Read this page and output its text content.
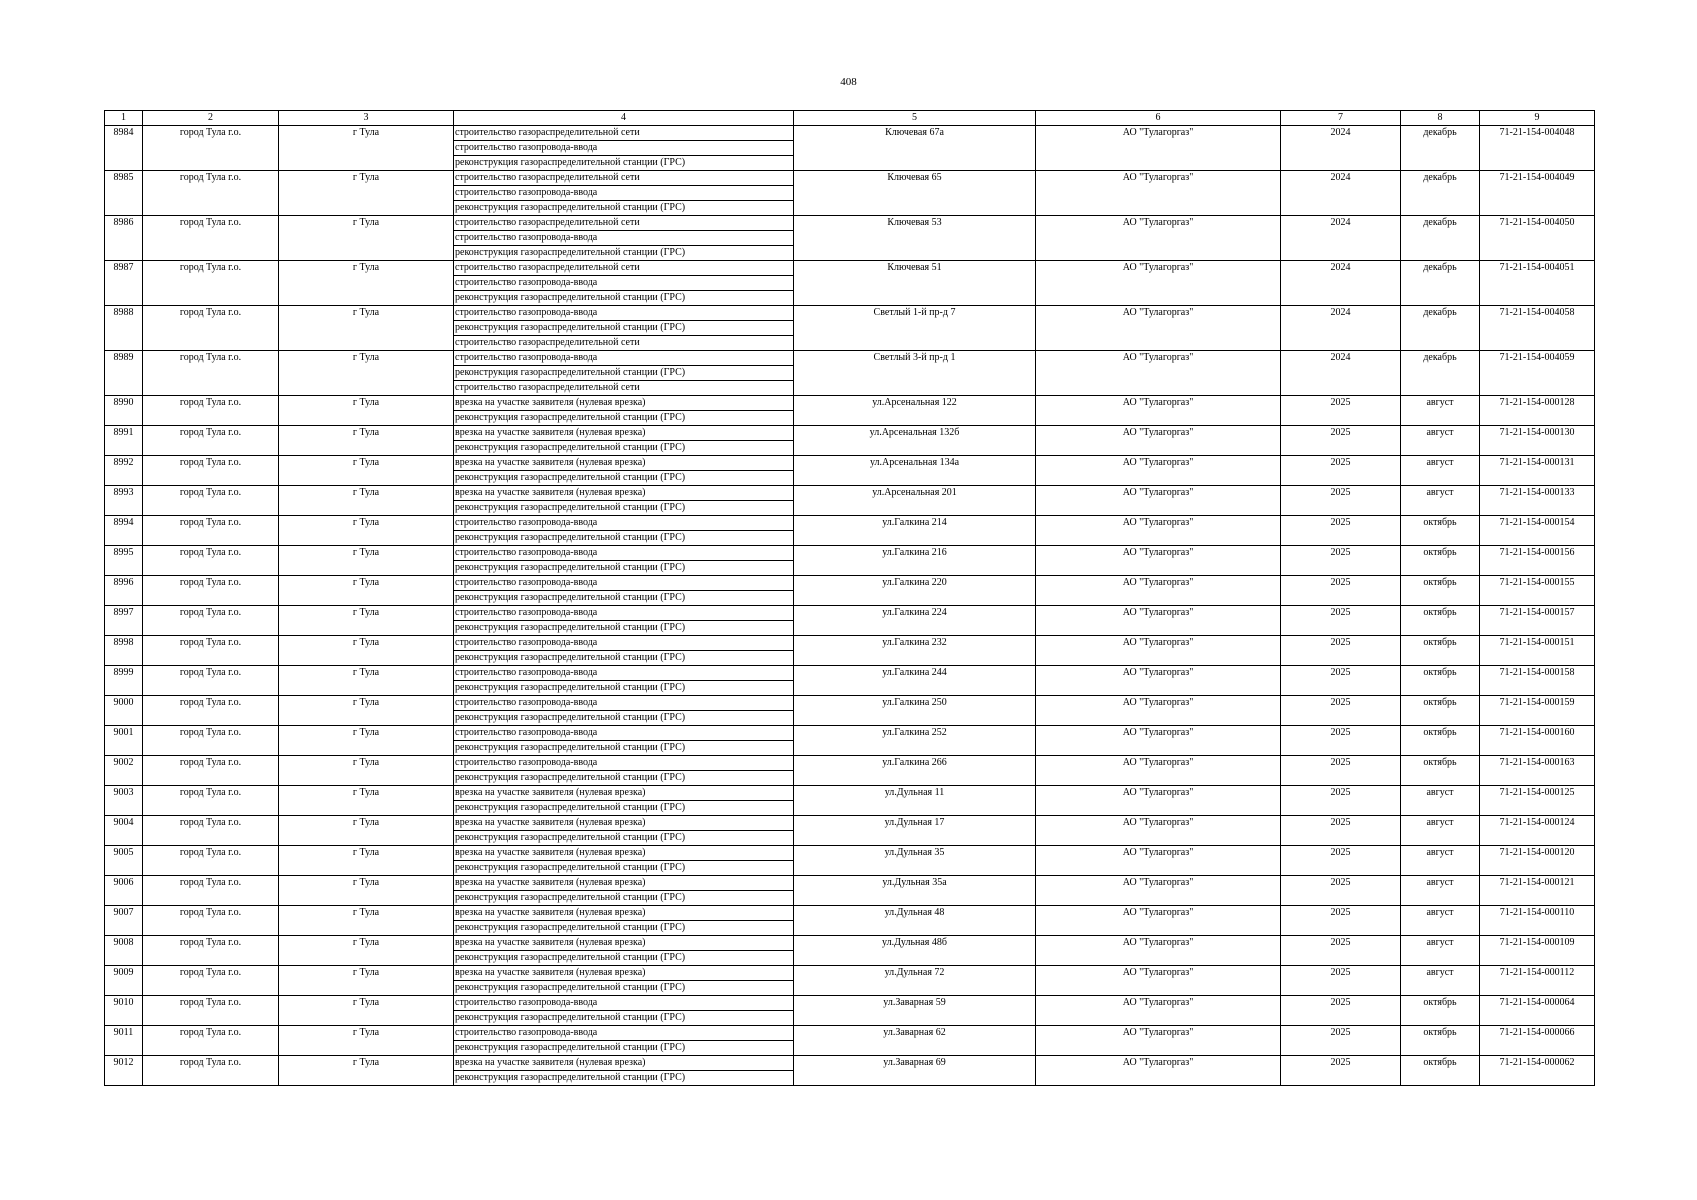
408
1	2	3	4	5	6	7	8	9
8984	город Тула г.о.	г Тула	строительство газораспределительной сети
строительство газопровода-ввода
реконструкция газораспределительной станции (ГРС)	Ключевая 67а	АО "Тулагоргаз"	2024	декабрь	71-21-154-004048
8985	город Тула г.о.	г Тула	строительство газораспределительной сети
строительство газопровода-ввода
реконструкция газораспределительной станции (ГРС)	Ключевая 65	АО "Тулагоргаз"	2024	декабрь	71-21-154-004049
8986	город Тула г.о.	г Тула	строительство газораспределительной сети
строительство газопровода-ввода
реконструкция газораспределительной станции (ГРС)	Ключевая 53	АО "Тулагоргаз"	2024	декабрь	71-21-154-004050
8987	город Тула г.о.	г Тула	строительство газораспределительной сети
строительство газопровода-ввода
реконструкция газораспределительной станции (ГРС)	Ключевая 51	АО "Тулагоргаз"	2024	декабрь	71-21-154-004051
8988	город Тула г.о.	г Тула	строительство газопровода-ввода
реконструкция газораспределительной станции (ГРС)
строительство газораспределительной сети	Светлый 1-й пр-д 7	АО "Тулагоргаз"	2024	декабрь	71-21-154-004058
8989	город Тула г.о.	г Тула	строительство газопровода-ввода
реконструкция газораспределительной станции (ГРС)
строительство газораспределительной сети	Светлый 3-й пр-д 1	АО "Тулагоргаз"	2024	декабрь	71-21-154-004059
8990	город Тула г.о.	г Тула	врезка на участке заявителя (нулевая врезка)
реконструкция газораспределительной станции (ГРС)	ул.Арсенальная 122	АО "Тулагоргаз"	2025	август	71-21-154-000128
8991	город Тула г.о.	г Тула	врезка на участке заявителя (нулевая врезка)
реконструкция газораспределительной станции (ГРС)	ул.Арсенальная 132б	АО "Тулагоргаз"	2025	август	71-21-154-000130
8992	город Тула г.о.	г Тула	врезка на участке заявителя (нулевая врезка)
реконструкция газораспределительной станции (ГРС)	ул.Арсенальная 134а	АО "Тулагоргаз"	2025	август	71-21-154-000131
8993	город Тула г.о.	г Тула	врезка на участке заявителя (нулевая врезка)
реконструкция газораспределительной станции (ГРС)	ул.Арсенальная 201	АО "Тулагоргаз"	2025	август	71-21-154-000133
8994	город Тула г.о.	г Тула	строительство газопровода-ввода
реконструкция газораспределительной станции (ГРС)	ул.Галкина 214	АО "Тулагоргаз"	2025	октябрь	71-21-154-000154
8995	город Тула г.о.	г Тула	строительство газопровода-ввода
реконструкция газораспределительной станции (ГРС)	ул.Галкина 216	АО "Тулагоргаз"	2025	октябрь	71-21-154-000156
8996	город Тула г.о.	г Тула	строительство газопровода-ввода
реконструкция газораспределительной станции (ГРС)	ул.Галкина 220	АО "Тулагоргаз"	2025	октябрь	71-21-154-000155
8997	город Тула г.о.	г Тула	строительство газопровода-ввода
реконструкция газораспределительной станции (ГРС)	ул.Галкина 224	АО "Тулагоргаз"	2025	октябрь	71-21-154-000157
8998	город Тула г.о.	г Тула	строительство газопровода-ввода
реконструкция газораспределительной станции (ГРС)	ул.Галкина 232	АО "Тулагоргаз"	2025	октябрь	71-21-154-000151
8999	город Тула г.о.	г Тула	строительство газопровода-ввода
реконструкция газораспределительной станции (ГРС)	ул.Галкина 244	АО "Тулагоргаз"	2025	октябрь	71-21-154-000158
9000	город Тула г.о.	г Тула	строительство газопровода-ввода
реконструкция газораспределительной станции (ГРС)	ул.Галкина 250	АО "Тулагоргаз"	2025	октябрь	71-21-154-000159
9001	город Тула г.о.	г Тула	строительство газопровода-ввода
реконструкция газораспределительной станции (ГРС)	ул.Галкина 252	АО "Тулагоргаз"	2025	октябрь	71-21-154-000160
9002	город Тула г.о.	г Тула	строительство газопровода-ввода
реконструкция газораспределительной станции (ГРС)	ул.Галкина 266	АО "Тулагоргаз"	2025	октябрь	71-21-154-000163
9003	город Тула г.о.	г Тула	врезка на участке заявителя (нулевая врезка)
реконструкция газораспределительной станции (ГРС)	ул.Дульная 11	АО "Тулагоргаз"	2025	август	71-21-154-000125
9004	город Тула г.о.	г Тула	врезка на участке заявителя (нулевая врезка)
реконструкция газораспределительной станции (ГРС)	ул.Дульная 17	АО "Тулагоргаз"	2025	август	71-21-154-000124
9005	город Тула г.о.	г Тула	врезка на участке заявителя (нулевая врезка)
реконструкция газораспределительной станции (ГРС)	ул.Дульная 35	АО "Тулагоргаз"	2025	август	71-21-154-000120
9006	город Тула г.о.	г Тула	врезка на участке заявителя (нулевая врезка)
реконструкция газораспределительной станции (ГРС)	ул.Дульная 35а	АО "Тулагоргаз"	2025	август	71-21-154-000121
9007	город Тула г.о.	г Тула	врезка на участке заявителя (нулевая врезка)
реконструкция газораспределительной станции (ГРС)	ул.Дульная 48	АО "Тулагоргаз"	2025	август	71-21-154-000110
9008	город Тула г.о.	г Тула	врезка на участке заявителя (нулевая врезка)
реконструкция газораспределительной станции (ГРС)	ул.Дульная 48б	АО "Тулагоргаз"	2025	август	71-21-154-000109
9009	город Тула г.о.	г Тула	врезка на участке заявителя (нулевая врезка)
реконструкция газораспределительной станции (ГРС)	ул.Дульная 72	АО "Тулагоргаз"	2025	август	71-21-154-000112
9010	город Тула г.о.	г Тула	строительство газопровода-ввода
реконструкция газораспределительной станции (ГРС)	ул.Заварная 59	АО "Тулагоргаз"	2025	октябрь	71-21-154-000064
9011	город Тула г.о.	г Тула	строительство газопровода-ввода
реконструкция газораспределительной станции (ГРС)	ул.Заварная 62	АО "Тулагоргаз"	2025	октябрь	71-21-154-000066
9012	город Тула г.о.	г Тула	врезка на участке заявителя (нулевая врезка)
реконструкция газораспределительной станции (ГРС)	ул.Заварная 69	АО "Тулагоргаз"	2025	октябрь	71-21-154-000062
